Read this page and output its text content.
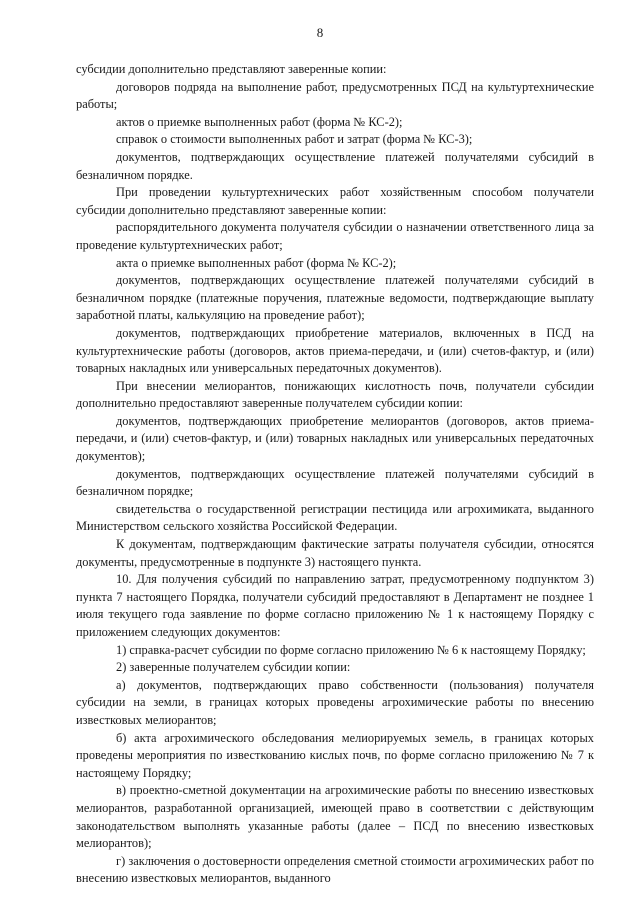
8

субсидии дополнительно представляют заверенные копии:

договоров подряда на выполнение работ, предусмотренных ПСД на культуртехнические работы;

актов о приемке выполненных работ (форма № КС-2);

справок о стоимости выполненных работ и затрат (форма № КС-3);

документов, подтверждающих осуществление платежей получателями субсидий в безналичном порядке.

При проведении культуртехнических работ хозяйственным способом получатели субсидии дополнительно представляют заверенные копии:

распорядительного документа получателя субсидии о назначении ответственного лица за проведение культуртехнических работ;

акта о приемке выполненных работ (форма № КС-2);

документов, подтверждающих осуществление платежей получателями субсидий в безналичном порядке (платежные поручения, платежные ведомости, подтверждающие выплату заработной платы, калькуляцию на проведение работ);

документов, подтверждающих приобретение материалов, включенных в ПСД на культуртехнические работы (договоров, актов приема-передачи, и (или) счетов-фактур, и (или) товарных накладных или универсальных передаточных документов).

При внесении мелиорантов, понижающих кислотность почв, получатели субсидии дополнительно предоставляют заверенные получателем субсидии копии:

документов, подтверждающих приобретение мелиорантов (договоров, актов приема-передачи, и (или) счетов-фактур, и (или) товарных накладных или универсальных передаточных документов);

документов, подтверждающих осуществление платежей получателями субсидий в безналичном порядке;

свидетельства о государственной регистрации пестицида или агрохимиката, выданного Министерством сельского хозяйства Российской Федерации.

К документам, подтверждающим фактические затраты получателя субсидии, относятся документы, предусмотренные в подпункте 3) настоящего пункта.

10. Для получения субсидий по направлению затрат, предусмотренному подпунктом 3) пункта 7 настоящего Порядка, получатели субсидий предоставляют в Департамент не позднее 1 июля текущего года заявление по форме согласно приложению № 1 к настоящему Порядку с приложением следующих документов:

1) справка-расчет субсидии по форме согласно приложению № 6 к настоящему Порядку;

2) заверенные получателем субсидии копии:

а) документов, подтверждающих право собственности (пользования) получателя субсидии на земли, в границах которых проведены агрохимические работы по внесению известковых мелиорантов;

б) акта агрохимического обследования мелиорируемых земель, в границах которых проведены мероприятия по известкованию кислых почв, по форме согласно приложению № 7 к настоящему Порядку;

в) проектно-сметной документации на агрохимические работы по внесению известковых мелиорантов, разработанной организацией, имеющей право в соответствии с действующим законодательством выполнять указанные работы (далее – ПСД по внесению известковых мелиорантов);

г) заключения о достоверности определения сметной стоимости агрохимических работ по внесению известковых мелиорантов, выданного
